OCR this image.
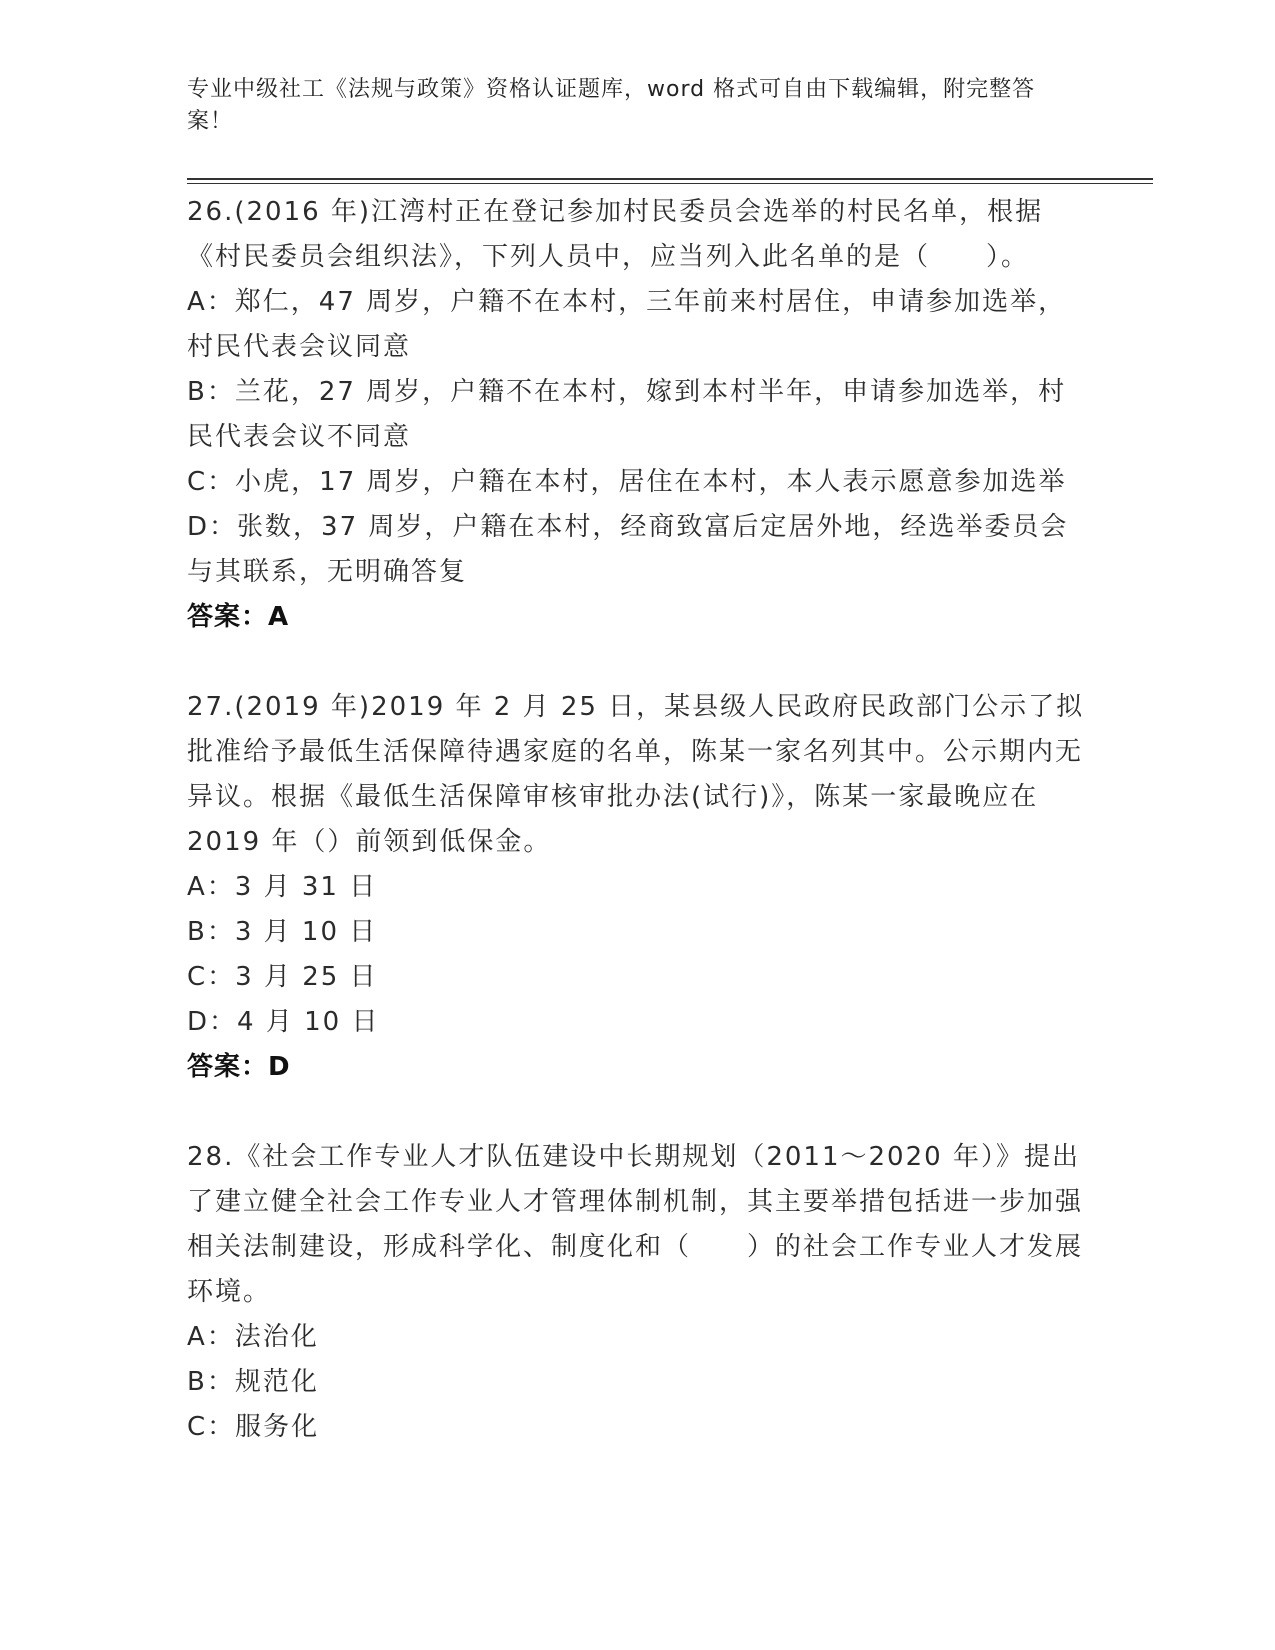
专业中级社工《法规与政策》资格认证题库，word 格式可自由下载编辑，附完整答案！

26.(2016 年)江湾村正在登记参加村民委员会选举的村民名单，根据《村民委员会组织法》，下列人员中，应当列入此名单的是（　　）。

A：郑仁，47 周岁，户籍不在本村，三年前来村居住，申请参加选举，村民代表会议同意

B：兰花，27 周岁，户籍不在本村，嫁到本村半年，申请参加选举，村民代表会议不同意

C：小虎，17 周岁，户籍在本村，居住在本村，本人表示愿意参加选举

D：张数，37 周岁，户籍在本村，经商致富后定居外地，经选举委员会与其联系，无明确答复

答案：A

27.(2019 年)2019 年 2 月 25 日，某县级人民政府民政部门公示了拟批准给予最低生活保障待遇家庭的名单，陈某一家名列其中。公示期内无异议。根据《最低生活保障审核审批办法(试行)》，陈某一家最晚应在 2019 年（）前领到低保金。

A：3 月 31 日

B：3 月 10 日

C：3 月 25 日

D：4 月 10 日

答案：D

28.《社会工作专业人才队伍建设中长期规划（2011～2020 年）》提出了建立健全社会工作专业人才管理体制机制，其主要举措包括进一步加强相关法制建设，形成科学化、制度化和（　　）的社会工作专业人才发展环境。

A：法治化

B：规范化

C：服务化
